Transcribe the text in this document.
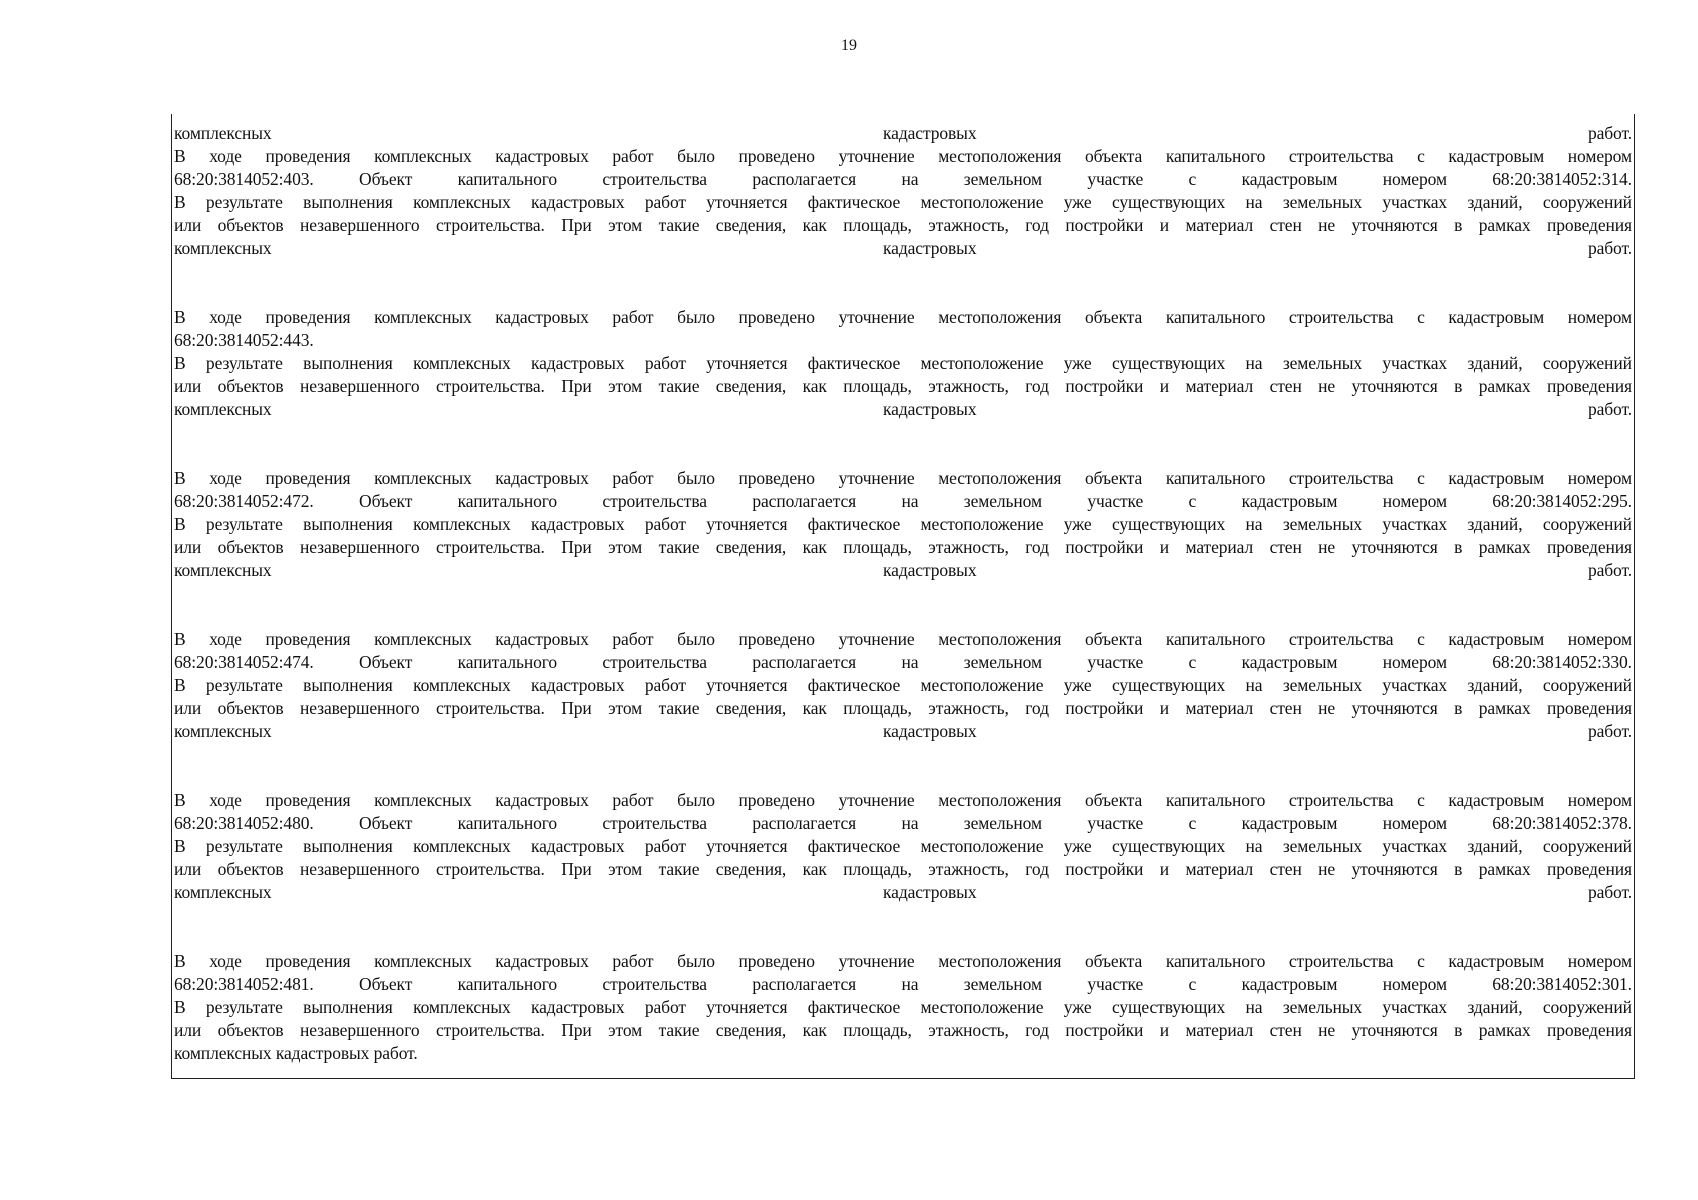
19
комплексных	кадастровых	работ.
В ходе проведения комплексных кадастровых работ было проведено уточнение местоположения объекта капитального строительства с кадастровым номером
68:20:3814052:403.	Объект	капитального	строительства	располагается	на	земельном	участке	с	кадастровым	номером	68:20:3814052:314.
В результате выполнения комплексных кадастровых работ уточняется фактическое местоположение уже существующих на земельных участках зданий, сооружений
или объектов незавершенного строительства. При этом такие сведения, как площадь, этажность, год постройки и материал стен не уточняются в рамках проведения
комплексных	кадастровых	работ.
В ходе проведения комплексных кадастровых работ было проведено уточнение местоположения объекта капитального строительства с кадастровым номером
68:20:3814052:443.
В результате выполнения комплексных кадастровых работ уточняется фактическое местоположение уже существующих на земельных участках зданий, сооружений
или объектов незавершенного строительства. При этом такие сведения, как площадь, этажность, год постройки и материал стен не уточняются в рамках проведения
комплексных	кадастровых	работ.
В ходе проведения комплексных кадастровых работ было проведено уточнение местоположения объекта капитального строительства с кадастровым номером
68:20:3814052:472.	Объект	капитального	строительства	располагается	на	земельном	участке	с	кадастровым	номером	68:20:3814052:295.
В результате выполнения комплексных кадастровых работ уточняется фактическое местоположение уже существующих на земельных участках зданий, сооружений
или объектов незавершенного строительства. При этом такие сведения, как площадь, этажность, год постройки и материал стен не уточняются в рамках проведения
комплексных	кадастровых	работ.
В ходе проведения комплексных кадастровых работ было проведено уточнение местоположения объекта капитального строительства с кадастровым номером
68:20:3814052:474.	Объект	капитального	строительства	располагается	на	земельном	участке	с	кадастровым	номером	68:20:3814052:330.
В результате выполнения комплексных кадастровых работ уточняется фактическое местоположение уже существующих на земельных участках зданий, сооружений
или объектов незавершенного строительства. При этом такие сведения, как площадь, этажность, год постройки и материал стен не уточняются в рамках проведения
комплексных	кадастровых	работ.
В ходе проведения комплексных кадастровых работ было проведено уточнение местоположения объекта капитального строительства с кадастровым номером
68:20:3814052:480.	Объект	капитального	строительства	располагается	на	земельном	участке	с	кадастровым	номером	68:20:3814052:378.
В результате выполнения комплексных кадастровых работ уточняется фактическое местоположение уже существующих на земельных участках зданий, сооружений
или объектов незавершенного строительства. При этом такие сведения, как площадь, этажность, год постройки и материал стен не уточняются в рамках проведения
комплексных	кадастровых	работ.
В ходе проведения комплексных кадастровых работ было проведено уточнение местоположения объекта капитального строительства с кадастровым номером
68:20:3814052:481.	Объект	капитального	строительства	располагается	на	земельном	участке	с	кадастровым	номером	68:20:3814052:301.
В результате выполнения комплексных кадастровых работ уточняется фактическое местоположение уже существующих на земельных участках зданий, сооружений
или объектов незавершенного строительства. При этом такие сведения, как площадь, этажность, год постройки и материал стен не уточняются в рамках проведения
комплексных кадастровых работ.
